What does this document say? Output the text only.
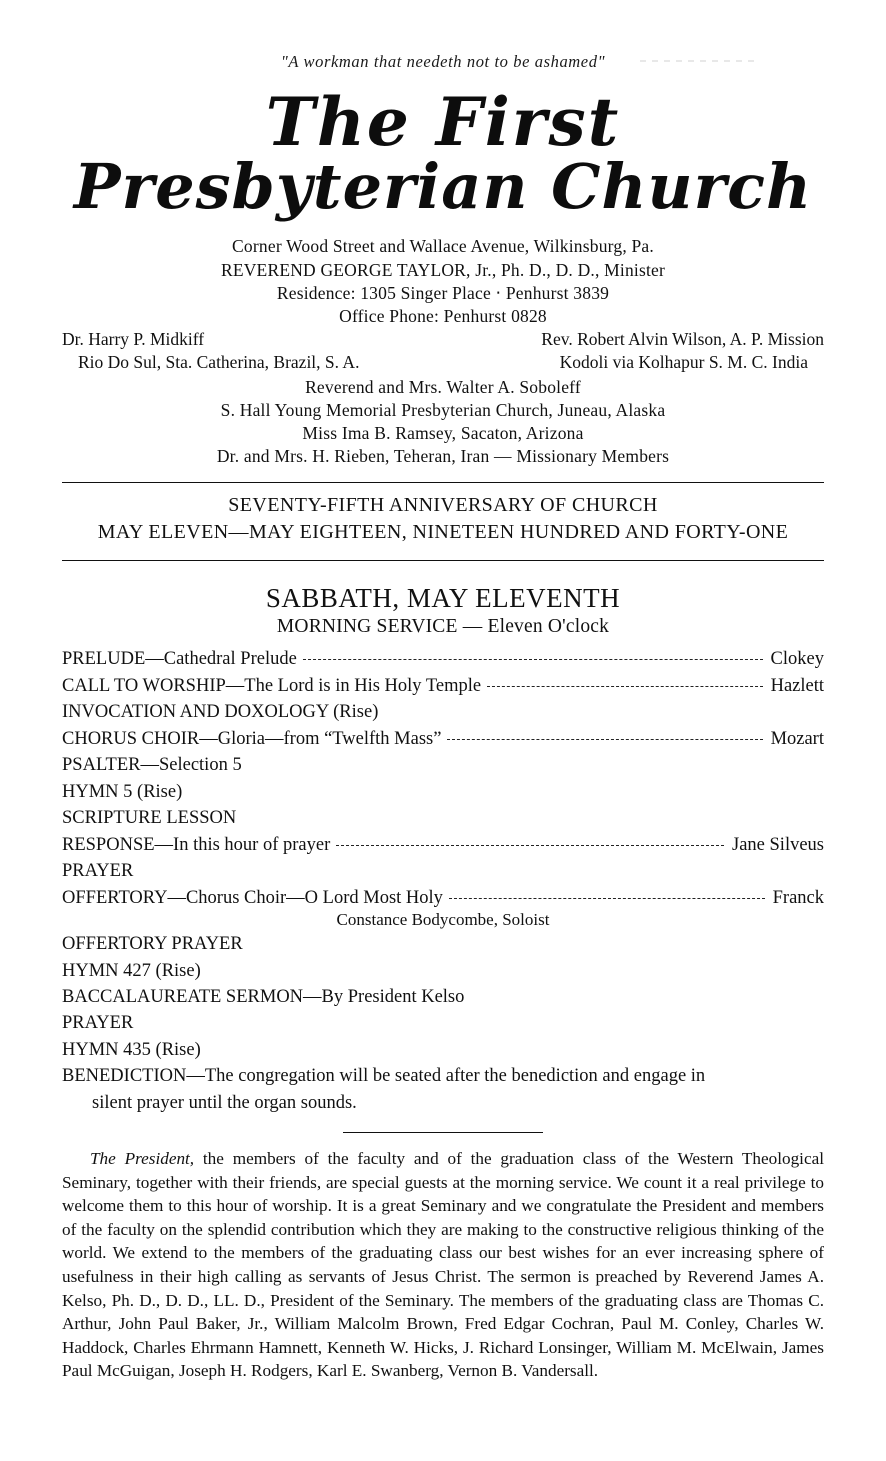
"A workman that needeth not to be ashamed"
The First
Presbyterian Church
Corner Wood Street and Wallace Avenue, Wilkinsburg, Pa.
REVEREND GEORGE TAYLOR, Jr., Ph. D., D. D., Minister
Residence: 1305 Singer Place ‧ Penhurst 3839
Office Phone: Penhurst 0828
Dr. Harry P. Midkiff	Rev. Robert Alvin Wilson, A. P. Mission
Rio Do Sul, Sta. Catherina, Brazil, S. A.	Kodoli via Kolhapur S. M. C. India
Reverend and Mrs. Walter A. Soboleff
S. Hall Young Memorial Presbyterian Church, Juneau, Alaska
Miss Ima B. Ramsey, Sacaton, Arizona
Dr. and Mrs. H. Rieben, Teheran, Iran — Missionary Members
SEVENTY-FIFTH ANNIVERSARY OF CHURCH
MAY ELEVEN—MAY EIGHTEEN, NINETEEN HUNDRED AND FORTY-ONE
SABBATH, MAY ELEVENTH
MORNING SERVICE — Eleven O'clock
PRELUDE—Cathedral Prelude	Clokey
CALL TO WORSHIP—The Lord is in His Holy Temple	Hazlett
INVOCATION AND DOXOLOGY (Rise)
CHORUS CHOIR—Gloria—from “Twelfth Mass”	Mozart
PSALTER—Selection 5
HYMN 5 (Rise)
SCRIPTURE LESSON
RESPONSE—In this hour of prayer	Jane Silveus
PRAYER
OFFERTORY—Chorus Choir—O Lord Most Holy	Franck
Constance Bodycombe, Soloist
OFFERTORY PRAYER
HYMN 427 (Rise)
BACCALAUREATE SERMON—By President Kelso
PRAYER
HYMN 435 (Rise)
BENEDICTION—The congregation will be seated after the benediction and engage in
silent prayer until the organ sounds.
The President, the members of the faculty and of the graduation class of the Western Theological Seminary, together with their friends, are special guests at the morning service. We count it a real privilege to welcome them to this hour of worship. It is a great Seminary and we congratulate the President and members of the faculty on the splendid contribution which they are making to the constructive religious thinking of the world. We extend to the members of the graduating class our best wishes for an ever increasing sphere of usefulness in their high calling as servants of Jesus Christ. The sermon is preached by Reverend James A. Kelso, Ph. D., D. D., LL. D., President of the Seminary. The members of the graduating class are Thomas C. Arthur, John Paul Baker, Jr., William Malcolm Brown, Fred Edgar Cochran, Paul M. Conley, Charles W. Haddock, Charles Ehrmann Hamnett, Kenneth W. Hicks, J. Richard Lonsinger, William M. McElwain, James Paul McGuigan, Joseph H. Rodgers, Karl E. Swanberg, Vernon B. Vandersall.
